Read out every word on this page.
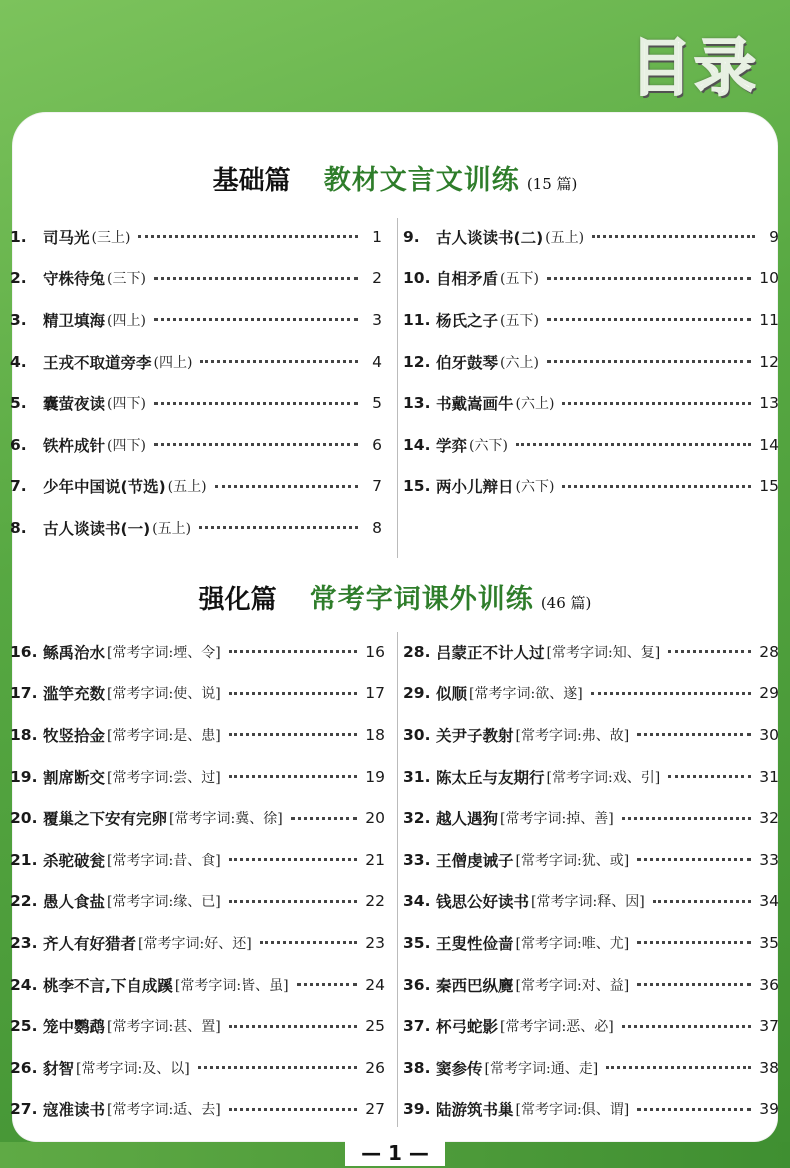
目录
基础篇 教材文言文训练 (15 篇)
1.	司马光 (三上)	1
2.	守株待兔 (三下)	2
3.	精卫填海 (四上)	3
4.	王戎不取道旁李 (四上)	4
5.	囊萤夜读 (四下)	5
6.	铁杵成针 (四下)	6
7.	少年中国说(节选) (五上)	7
8.	古人谈读书(一) (五上)	8
9.	古人谈读书(二) (五上)	9
10. 自相矛盾 (五下)	10
11. 杨氏之子 (五下)	11
12. 伯牙鼓琴 (六上)	12
13. 书戴嵩画牛 (六上)	13
14. 学弈 (六下)	14
15. 两小儿辩日 (六下)	15
强化篇 常考字词课外训练 (46 篇)
16. 鲧禹治水 [常考字词:堙、令]	16
17. 滥竽充数 [常考字词:使、说]	17
18. 牧竖拾金 [常考字词:是、患]	18
19. 割席断交 [常考字词:尝、过]	19
20. 覆巢之下安有完卵 [常考字词:冀、徐]	20
21. 杀驼破瓮 [常考字词:昔、食]	21
22. 愚人食盐 [常考字词:缘、已]	22
23. 齐人有好猎者 [常考字词:好、还]	23
24. 桃李不言,下自成蹊 [常考字词:皆、虽]	24
25. 笼中鹦鹉 [常考字词:甚、置]	25
26. 豺智 [常考字词:及、以]	26
27. 寇准读书 [常考字词:适、去]	27
28. 吕蒙正不计人过 [常考字词:知、复]	28
29. 似顺 [常考字词:欲、遂]	29
30. 关尹子教射 [常考字词:弗、故]	30
31. 陈太丘与友期行 [常考字词:戏、引]	31
32. 越人遇狗 [常考字词:掉、善]	32
33. 王僧虔诫子 [常考字词:犹、或]	33
34. 钱思公好读书 [常考字词:释、因]	34
35. 王叟性俭啬 [常考字词:唯、尤]	35
36. 秦西巴纵麑 [常考字词:对、益]	36
37. 杯弓蛇影 [常考字词:恶、必]	37
38. 窦参传 [常考字词:通、走]	38
39. 陆游筑书巢 [常考字词:俱、谓]	39
— 1 —
